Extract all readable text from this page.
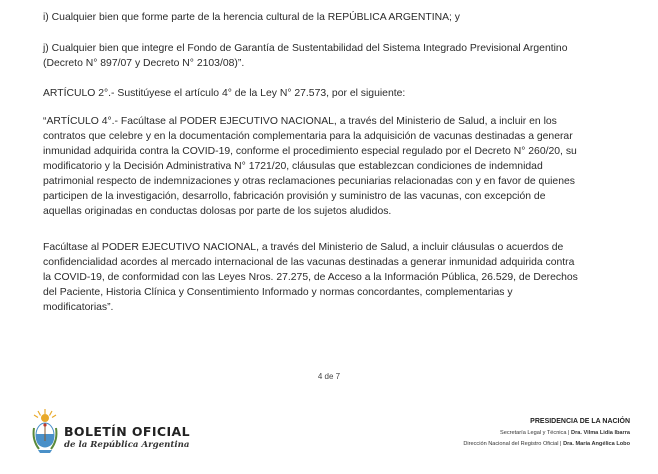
i) Cualquier bien que forme parte de la herencia cultural de la REPÚBLICA ARGENTINA; y

j) Cualquier bien que integre el Fondo de Garantía de Sustentabilidad del Sistema Integrado Previsional Argentino
(Decreto N° 897/07 y Decreto N° 2103/08)”.

ARTÍCULO 2°.- Sustitúyese el artículo 4° de la Ley N° 27.573, por el siguiente:

“ARTÍCULO 4°.- Facúltase al PODER EJECUTIVO NACIONAL, a través del Ministerio de Salud, a incluir en los
contratos que celebre y en la documentación complementaria para la adquisición de vacunas destinadas a generar
inmunidad adquirida contra la COVID-19, conforme el procedimiento especial regulado por el Decreto N° 260/20, su
modificatorio y la Decisión Administrativa N° 1721/20, cláusulas que establezcan condiciones de indemnidad
patrimonial respecto de indemnizaciones y otras reclamaciones pecuniarias relacionadas con y en favor de quienes
participen de la investigación, desarrollo, fabricación provisión y suministro de las vacunas, con excepción de
aquellas originadas en conductas dolosas por parte de los sujetos aludidos.

Facúltase al PODER EJECUTIVO NACIONAL, a través del Ministerio de Salud, a incluir cláusulas o acuerdos de
confidencialidad acordes al mercado internacional de las vacunas destinadas a generar inmunidad adquirida contra
la COVID-19, de conformidad con las Leyes Nros. 27.275, de Acceso a la Información Pública, 26.529, de Derechos
del Paciente, Historia Clínica y Consentimiento Informado y normas concordantes, complementarias y
modificatorias”.

4 de 7
BOLETÍN OFICIAL
de la República Argentina
PRESIDENCIA DE LA NACIÓN
Secretaría Legal y Técnica | Dra. Vilma Lidia Ibarra
Dirección Nacional del Registro Oficial | Dra. María Angélica Lobo
